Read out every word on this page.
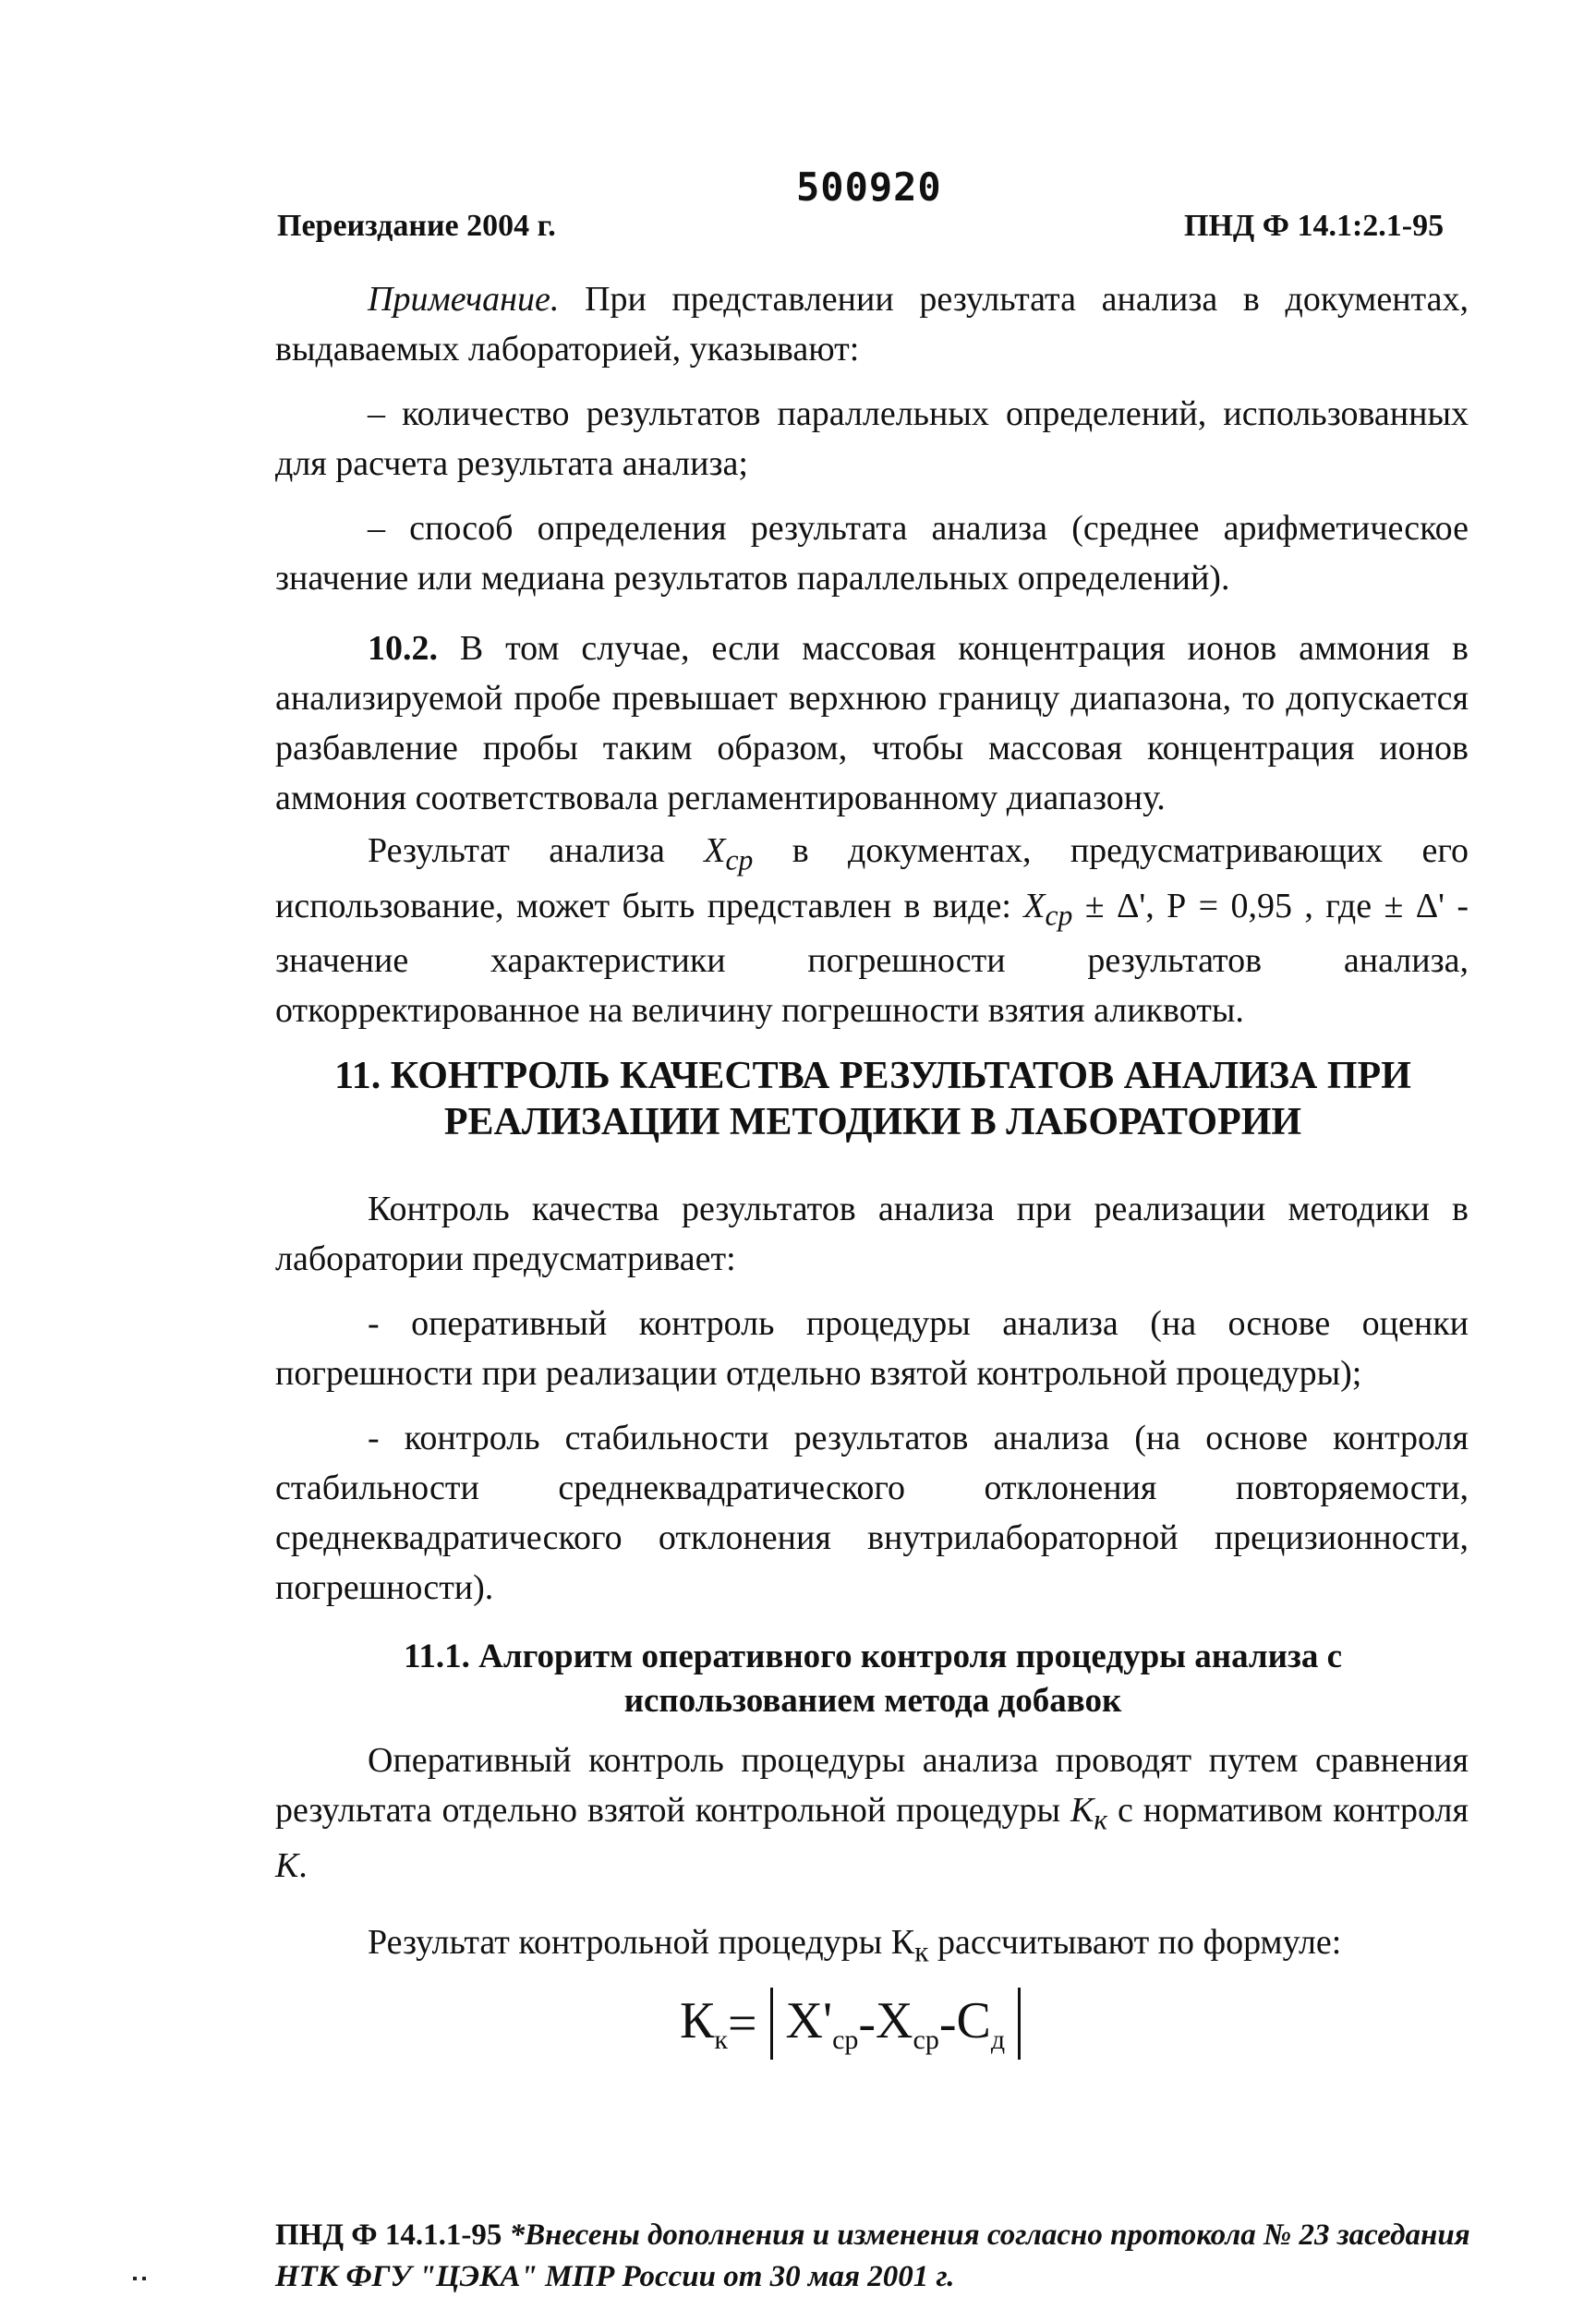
500920
Переиздание 2004 г.	ПНД Ф 14.1:2.1-95

Примечание. При представлении результата анализа в документах, выдаваемых лабораторией, указывают:

– количество результатов параллельных определений, использованных для расчета результата анализа;

– способ определения результата анализа (среднее арифметическое значение или медиана результатов параллельных определений).

10.2. В том случае, если массовая концентрация ионов аммония в анализируемой пробе превышает верхнюю границу диапазона, то допускается разбавление пробы таким образом, чтобы массовая концентрация ионов аммония соответствовала регламентированному диапазону.

Результат анализа $X_{ср}$ в документах, предусматривающих его использование, может быть представлен в виде: $X_{ср} \pm \Delta'$, Р = 0,95 , где ± Δ' - значение характеристики погрешности результатов анализа, откорректированное на величину погрешности взятия аликвоты.

11. КОНТРОЛЬ КАЧЕСТВА РЕЗУЛЬТАТОВ АНАЛИЗА ПРИ РЕАЛИЗАЦИИ МЕТОДИКИ В ЛАБОРАТОРИИ

Контроль качества результатов анализа при реализации методики в лаборатории предусматривает:

- оперативный контроль процедуры анализа (на основе оценки погрешности при реализации отдельно взятой контрольной процедуры);

- контроль стабильности результатов анализа (на основе контроля стабильности среднеквадратического отклонения повторяемости, среднеквадратического отклонения внутрилабораторной прецизионности, погрешности).

11.1. Алгоритм оперативного контроля процедуры анализа с использованием метода добавок

Оперативный контроль процедуры анализа проводят путем сравнения результата отдельно взятой контрольной процедуры $К_к$ с нормативом контроля К.

Результат контрольной процедуры $К_к$ рассчитывают по формуле:

$К_к = X'_{ср} - X_{ср} - C_д$
ПНД Ф 14.1.1-95 *Внесены дополнения и изменения согласно протокола № 23 заседания НТК ФГУ "ЦЭКА" МПР России от 30 мая 2001 г.
